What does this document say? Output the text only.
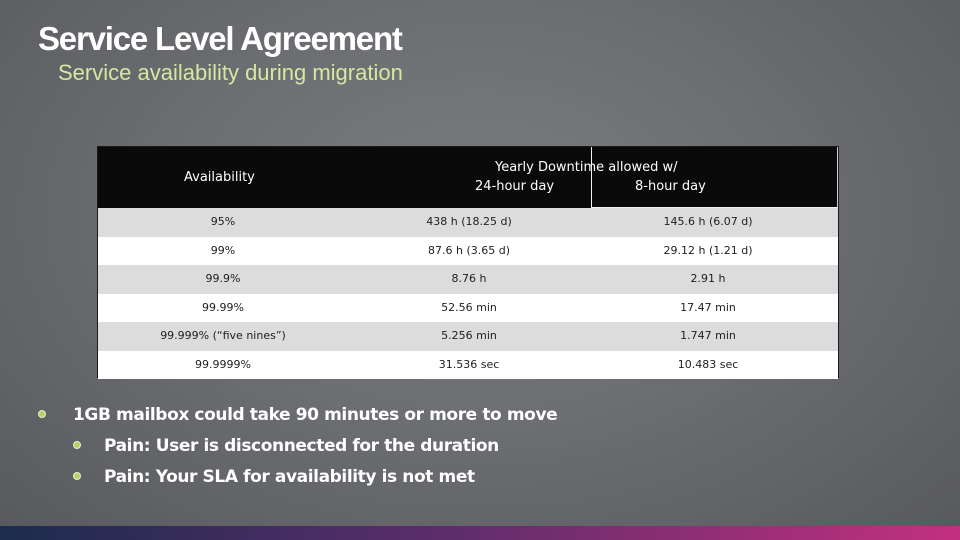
Service Level Agreement
Service availability during migration
Availability
Yearly Downtime allowed w/
24-hour day	8-hour day
95%	438 h (18.25 d)	145.6 h (6.07 d)
99%	87.6 h (3.65 d)	29.12 h (1.21 d)
99.9%	8.76 h	2.91 h
99.99%	52.56 min	17.47 min
99.999% (“five nines”)	5.256 min	1.747 min
99.9999%	31.536 sec	10.483 sec
1GB mailbox could take 90 minutes or more to move
Pain: User is disconnected for the duration
Pain: Your SLA for availability is not met
